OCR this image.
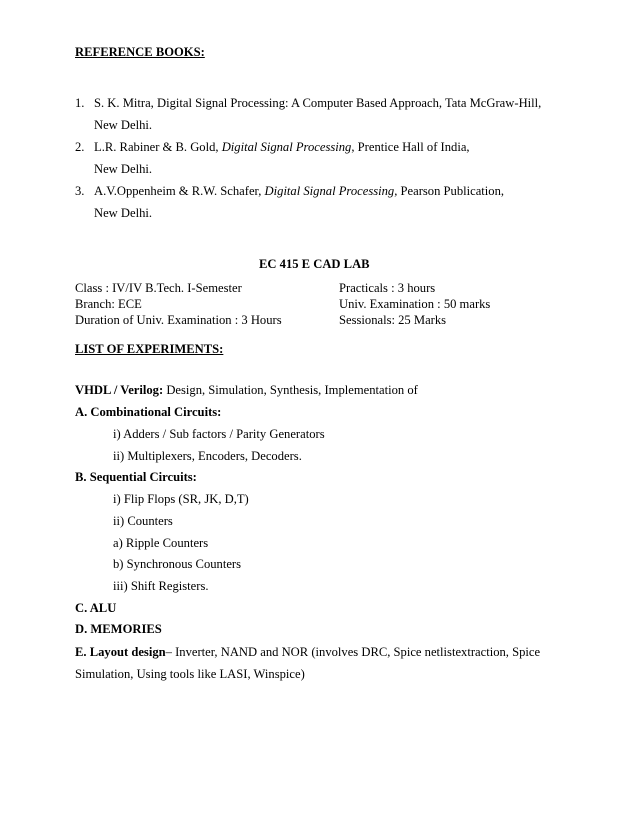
REFERENCE BOOKS:
1. S. K. Mitra, Digital Signal Processing: A Computer Based Approach, Tata McGraw-Hill,
New Delhi.
2. L.R. Rabiner & B. Gold, Digital Signal Processing, Prentice Hall of India,
New Delhi.
3. A.V.Oppenheim & R.W. Schafer, Digital Signal Processing, Pearson Publication,
New Delhi.
EC 415 E CAD LAB
Class : IV/IV B.Tech. I-Semester
Branch: ECE
Duration of Univ. Examination : 3 Hours
Practicals : 3 hours
Univ. Examination : 50 marks
Sessionals: 25 Marks
LIST OF EXPERIMENTS:
VHDL / Verilog: Design, Simulation, Synthesis, Implementation of
A. Combinational Circuits:
i) Adders / Sub factors / Parity Generators
ii) Multiplexers, Encoders, Decoders.
B. Sequential Circuits:
i) Flip Flops (SR, JK, D,T)
ii) Counters
a) Ripple Counters
b) Synchronous Counters
iii) Shift Registers.
C. ALU
D. MEMORIES
E. Layout design– Inverter, NAND and NOR (involves DRC, Spice netlistextraction, Spice
Simulation, Using tools like LASI, Winspice)
